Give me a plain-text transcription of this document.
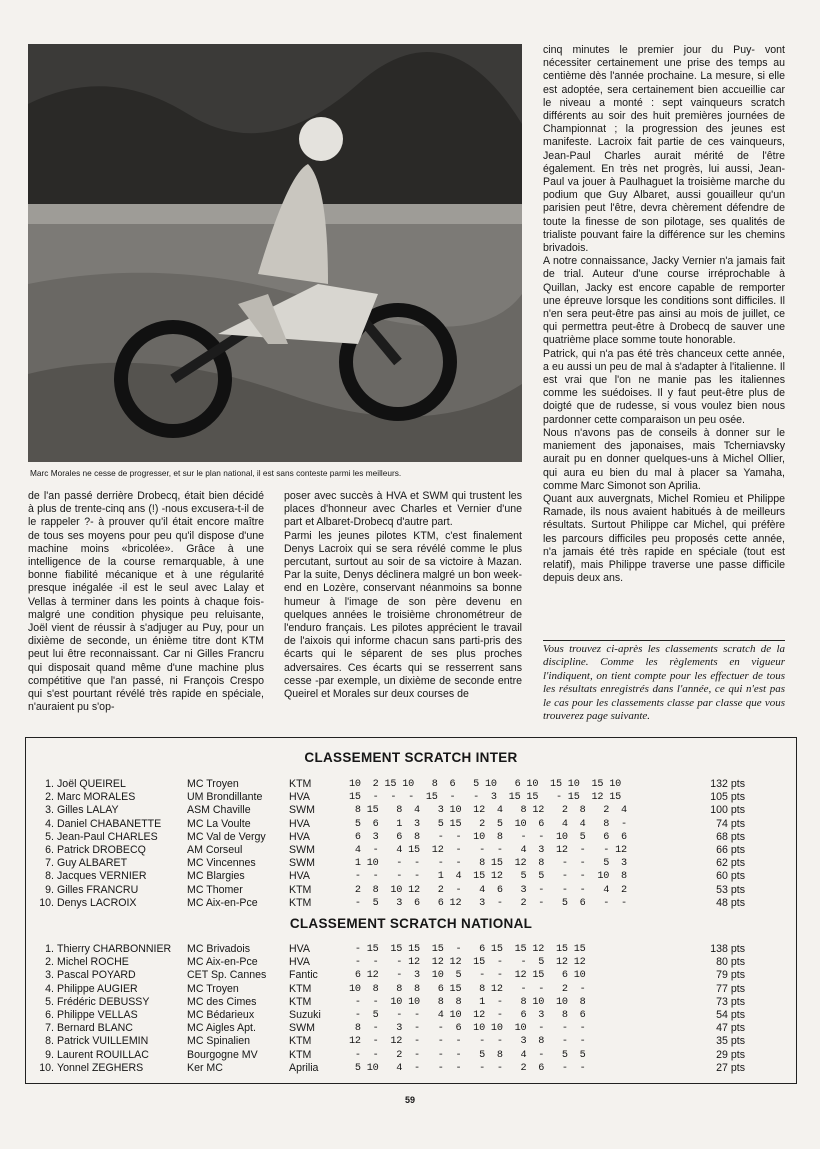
Marc Morales ne cesse de progresser, et sur le plan national, il est sans conteste parmi les meilleurs.

de l'an passé derrière Drobecq, était bien décidé à plus de trente-cinq ans (!) -nous excusera-t-il de le rappeler ?- à prouver qu'il était encore maître de tous ses moyens pour peu qu'il dispose d'une machine moins «bricolée». Grâce à une intelligence de la course remarquable, à une bonne fiabilité mécanique et à une régularité presque inégalée -il est le seul avec Lalay et Vellas à terminer dans les points à chaque fois- malgré une condition physique peu reluisante, Joël vient de réussir à s'adjuger au Puy, pour un dixième de seconde, un énième titre dont KTM peut lui être reconnaissant. Car ni Gilles Francru qui disposait quand même d'une machine plus compétitive que l'an passé, ni François Crespo qui s'est pourtant révélé très rapide en spéciale, n'auraient pu s'op-

poser avec succès à HVA et SWM qui trustent les places d'honneur avec Charles et Vernier d'une part et Albaret-Drobecq d'autre part.

Parmi les jeunes pilotes KTM, c'est finalement Denys Lacroix qui se sera révélé comme le plus percutant, surtout au soir de sa victoire à Mazan. Par la suite, Denys déclinera malgré un bon week-end en Lozère, conservant néanmoins sa bonne humeur à l'image de son père devenu en quelques années le troisième chronométreur de l'enduro français. Les pilotes apprécient le travail de l'aixois qui informe chacun sans parti-pris des écarts qui le séparent de ses plus proches adversaires. Ces écarts qui se resserrent sans cesse -par exemple, un dixième de seconde entre Queirel et Morales sur deux courses de

cinq minutes le premier jour du Puy- vont nécessiter certainement une prise des temps au centième dès l'année prochaine. La mesure, si elle est adoptée, sera certainement bien accueillie car le niveau a monté : sept vainqueurs scratch différents au soir des huit premières journées de Championnat ; la progression des jeunes est manifeste. Lacroix fait partie de ces vainqueurs, Jean-Paul Charles aurait mérité de l'être également. En très net progrès, lui aussi, Jean-Paul va jouer à Paulhaguet la troisième marche du podium que Guy Albaret, aussi gouailleur qu'un parisien peut l'être, devra chèrement défendre de toute la finesse de son pilotage, ses qualités de trialiste pouvant faire la différence sur les chemins brivadois.

A notre connaissance, Jacky Vernier n'a jamais fait de trial. Auteur d'une course irréprochable à Quillan, Jacky est encore capable de remporter une épreuve lorsque les conditions sont difficiles. Il n'en sera peut-être pas ainsi au mois de juillet, ce qui permettra peut-être à Drobecq de sauver une quatrième place somme toute honorable.

Patrick, qui n'a pas été très chanceux cette année, a eu aussi un peu de mal à s'adapter à l'italienne. Il est vrai que l'on ne manie pas les italiennes comme les suédoises. Il y faut peut-être plus de doigté que de rudesse, si vous voulez bien nous pardonner cette comparaison un peu osée.

Nous n'avons pas de conseils à donner sur le maniement des japonaises, mais Tcherniavsky aurait pu en donner quelques-uns à Michel Ollier, qui aura eu bien du mal à placer sa Yamaha, comme Marc Simonot son Aprilia.

Quant aux auvergnats, Michel Romieu et Philippe Ramade, ils nous avaient habitués à de meilleurs résultats. Surtout Philippe car Michel, qui préfère les parcours difficiles peu proposés cette année, n'a jamais été très rapide en spéciale (tout est relatif), mais Philippe traverse une passe difficile depuis deux ans.

Vous trouvez ci-après les classements scratch de la discipline. Comme les règlements en vigueur l'indiquent, on tient compte pour les effectuer de tous les résultats enregistrés dans l'année, ce qui n'est pas le cas pour les classements classe par classe que vous trouverez page suivante.
CLASSEMENT SCRATCH INTER
1.	Joël QUEIREL	MC Troyen	KTM	10  2 15 10   8  6   5 10   6 10  15 10  15 10	132 pts
2.	Marc MORALES	UM Brondillante	HVA	15  -  -  -  15  -   -  3  15 15   - 15  12 15	105 pts
3.	Gilles LALAY	ASM Chaville	SWM	8 15   8  4   3 10  12  4   8 12   2  8   2  4	100 pts
4.	Daniel CHABANETTE	MC La Voulte	HVA	5  6   1  3   5 15   2  5  10  6   4  4   8  -	74 pts
5.	Jean-Paul CHARLES	MC Val de Vergy	HVA	6  3   6  8   -  -  10  8   -  -  10  5   6  6	68 pts
6.	Patrick DROBECQ	AM Corseul	SWM	4  -   4 15  12  -   -  -   4  3  12  -   - 12	66 pts
7.	Guy ALBARET	MC Vincennes	SWM	1 10   -  -   -  -   8 15  12  8   -  -   5  3	62 pts
8.	Jacques VERNIER	MC Blargies	HVA	-  -   -  -   1  4  15 12   5  5   -  -  10  8	60 pts
9.	Gilles FRANCRU	MC Thomer	KTM	2  8  10 12   2  -   4  6   3  -   -  -   4  2	53 pts
10.	Denys LACROIX	MC Aix-en-Pce	KTM	-  5   3  6   6 12   3  -   2  -   5  6   -  -	48 pts
CLASSEMENT SCRATCH NATIONAL
1.	Thierry CHARBONNIER	MC Brivadois	HVA	- 15  15 15  15  -   6 15  15 12  15 15	138 pts
2.	Michel ROCHE	MC Aix-en-Pce	HVA	-  -   - 12  12 12  15  -   -  5  12 12	80 pts
3.	Pascal POYARD	CET Sp. Cannes	Fantic	6 12   -  3  10  5   -  -  12 15   6 10	79 pts
4.	Philippe AUGIER	MC Troyen	KTM	10  8   8  8   6 15   8 12   -  -   2  -	77 pts
5.	Frédéric DEBUSSY	MC des Cimes	KTM	-  -  10 10   8  8   1  -   8 10  10  8	73 pts
6.	Philippe VELLAS	MC Bédarieux	Suzuki	-  5   -  -   4 10  12  -   6  3   8  6	54 pts
7.	Bernard BLANC	MC Aigles Apt.	SWM	8  -   3  -   -  6  10 10  10  -   -  -	47 pts
8.	Patrick VUILLEMIN	MC Spinalien	KTM	12  -  12  -   -  -   -  -   3  8   -  -	35 pts
9.	Laurent ROUILLAC	Bourgogne MV	KTM	-  -   2  -   -  -   5  8   4  -   5  5	29 pts
10.	Yonnel ZEGHERS	Ker MC	Aprilia	5 10   4  -   -  -   -  -   2  6   -  -	27 pts
59
